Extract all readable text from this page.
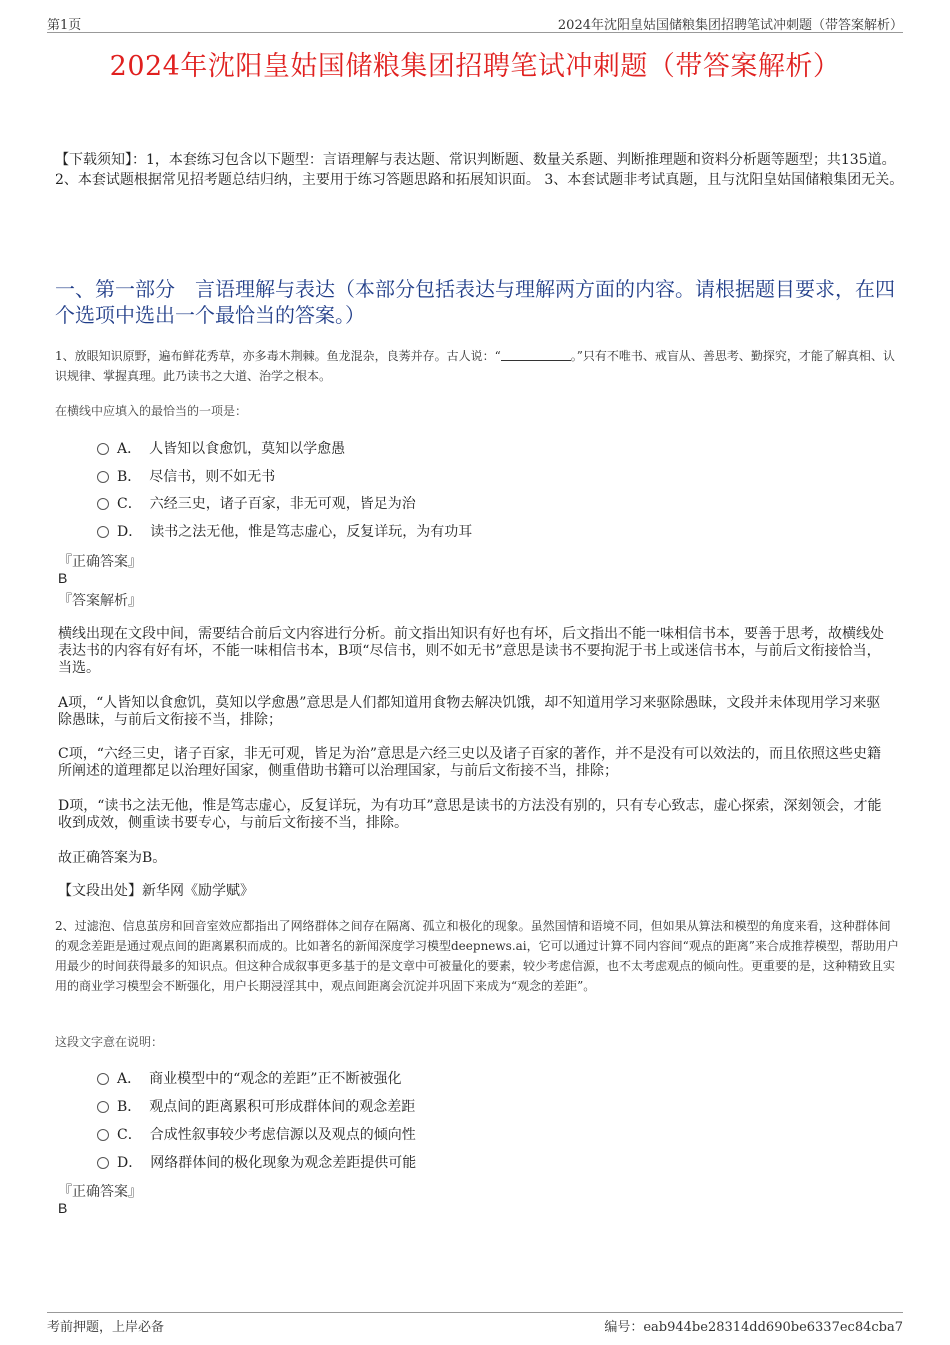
第1页	2024年沈阳皇姑国储粮集团招聘笔试冲刺题（带答案解析）
2024年沈阳皇姑国储粮集团招聘笔试冲刺题（带答案解析）
【下载须知】：1，本套练习包含以下题型：言语理解与表达题、常识判断题、数量关系题、判断推理题和资料分析题等题型；共135道。 2、本套试题根据常见招考题总结归纳，主要用于练习答题思路和拓展知识面。 3、本套试题非考试真题，且与沈阳皇姑国储粮集团无关。
一、第一部分　言语理解与表达（本部分包括表达与理解两方面的内容。请根据题目要求，在四个选项中选出一个最恰当的答案。）
1、放眼知识原野，遍布鲜花秀草，亦多毒木荆棘。鱼龙混杂，良莠并存。古人说：“	。”只有不唯书、戒盲从、善思考、勤探究，才能了解真相、认识规律、掌握真理。此乃读书之大道、治学之根本。
在横线中应填入的最恰当的一项是：
A． 人皆知以食愈饥，莫知以学愈愚
B． 尽信书，则不如无书
C． 六经三史，诸子百家，非无可观，皆足为治
D． 读书之法无他，惟是笃志虚心，反复详玩，为有功耳
『正确答案』
B
『答案解析』
横线出现在文段中间，需要结合前后文内容进行分析。前文指出知识有好也有坏，后文指出不能一味相信书本，要善于思考，故横线处表达书的内容有好有坏，不能一味相信书本，B项“尽信书，则不如无书”意思是读书不要拘泥于书上或迷信书本，与前后文衔接恰当，当选。
A项，“人皆知以食愈饥，莫知以学愈愚”意思是人们都知道用食物去解决饥饿，却不知道用学习来驱除愚昧，文段并未体现用学习来驱除愚昧，与前后文衔接不当，排除；
C项，“六经三史，诸子百家，非无可观，皆足为治”意思是六经三史以及诸子百家的著作，并不是没有可以效法的，而且依照这些史籍所阐述的道理都足以治理好国家，侧重借助书籍可以治理国家，与前后文衔接不当，排除；
D项，“读书之法无他，惟是笃志虚心，反复详玩，为有功耳”意思是读书的方法没有别的，只有专心致志，虚心探索，深刻领会，才能收到成效，侧重读书要专心，与前后文衔接不当，排除。
故正确答案为B。
【文段出处】新华网《励学赋》
2、过滤泡、信息茧房和回音室效应都指出了网络群体之间存在隔离、孤立和极化的现象。虽然国情和语境不同，但如果从算法和模型的角度来看，这种群体间的观念差距是通过观点间的距离累积而成的。比如著名的新闻深度学习模型deepnews.ai，它可以通过计算不同内容间“观点的距离”来合成推荐模型，帮助用户用最少的时间获得最多的知识点。但这种合成叙事更多基于的是文章中可被量化的要素，较少考虑信源，也不太考虑观点的倾向性。更重要的是，这种精致且实用的商业学习模型会不断强化，用户长期浸淫其中，观点间距离会沉淀并巩固下来成为“观念的差距”。
这段文字意在说明：
A． 商业模型中的“观念的差距”正不断被强化
B． 观点间的距离累积可形成群体间的观念差距
C． 合成性叙事较少考虑信源以及观点的倾向性
D． 网络群体间的极化现象为观念差距提供可能
『正确答案』
B
考前押题，上岸必备	编号：eab944be28314dd690be6337ec84cba7
